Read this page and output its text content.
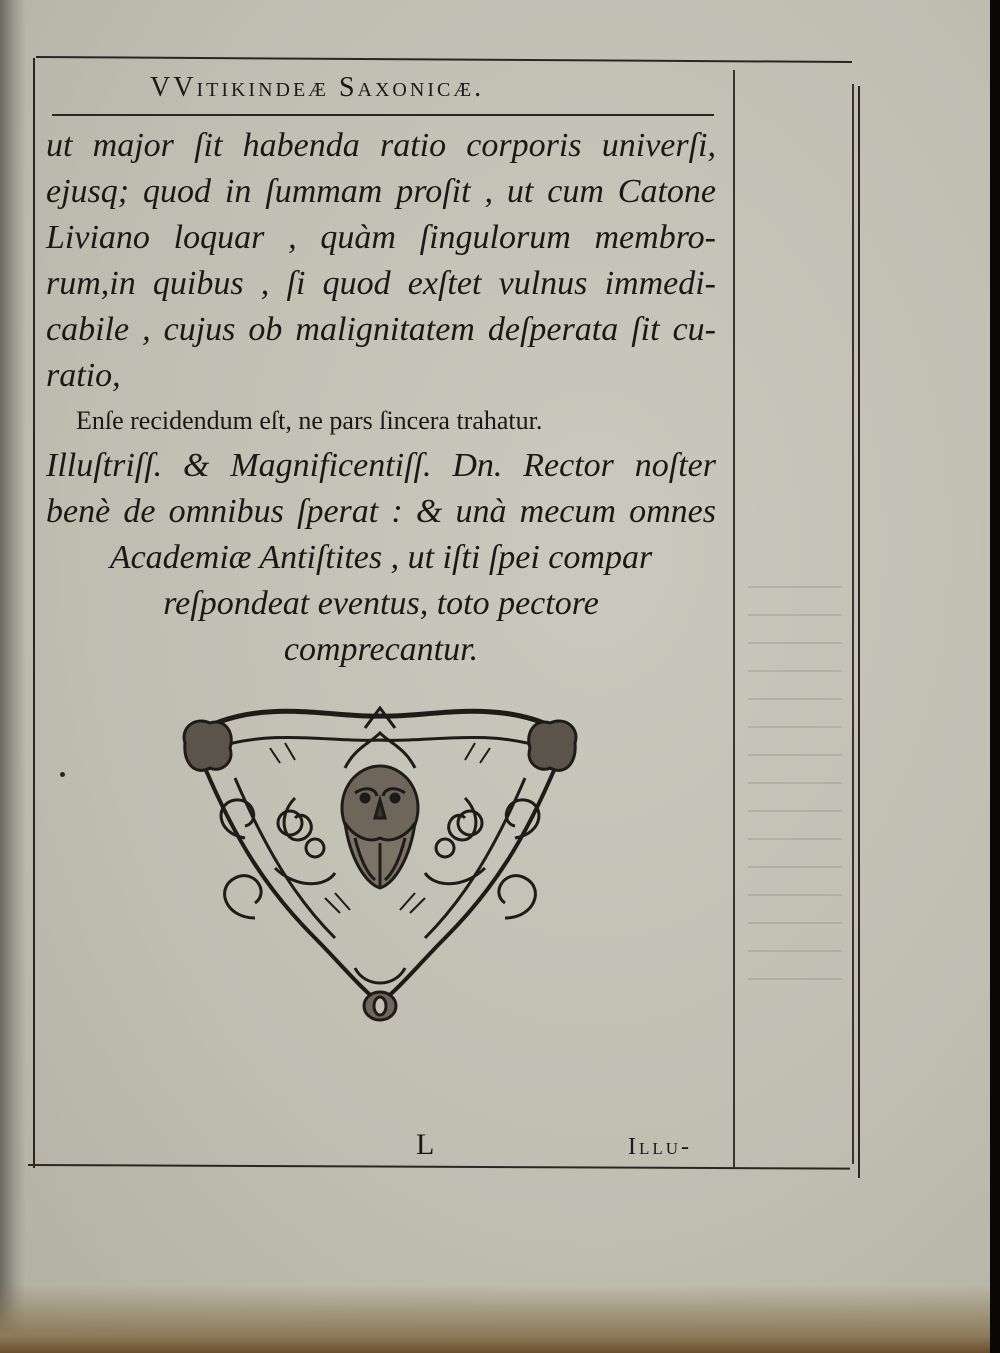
VVitikindeæ Saxonicæ.
ut major ſit habenda ratio corporis univerſi,
ejusq; quod in ſummam proſit , ut cum Catone
Liviano loquar , quàm ſingulorum membro-
rum,in quibus , ſi quod exſtet vulnus immedi-
cabile , cujus ob malignitatem deſperata ſit cu-
ratio,
Enſe recidendum eſt, ne pars ſincera trahatur.
Illuſtriſſ. & Magnificentiſſ. Dn. Rector noſter
benè de omnibus ſperat : & unà mecum omnes
Academiæ Antiſtites , ut iſti ſpei compar
reſpondeat eventus, toto pectore
comprecantur.
L	Illu-
